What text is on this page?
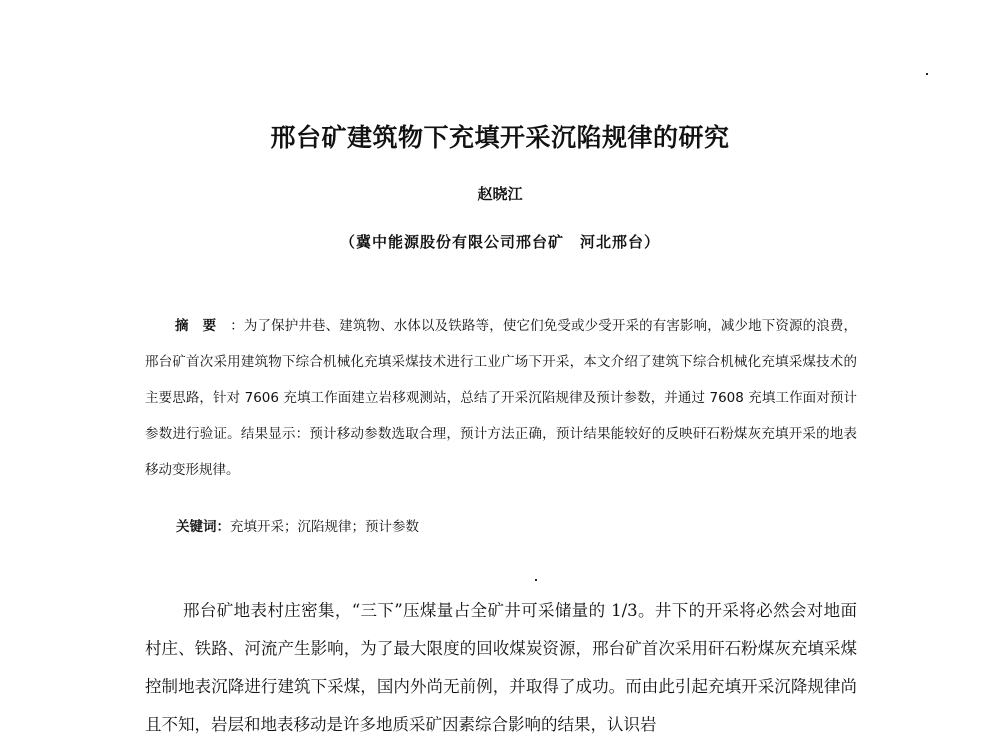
邢台矿建筑物下充填开采沉陷规律的研究
赵晓江
（冀中能源股份有限公司邢台矿　河北邢台）
摘要：为了保护井巷、建筑物、水体以及铁路等，使它们免受或少受开采的有害影响，减少地下资源的浪费，邢台矿首次采用建筑物下综合机械化充填采煤技术进行工业广场下开采，本文介绍了建筑下综合机械化充填采煤技术的主要思路，针对 7606 充填工作面建立岩移观测站，总结了开采沉陷规律及预计参数，并通过 7608 充填工作面对预计参数进行验证。结果显示：预计移动参数选取合理，预计方法正确，预计结果能较好的反映矸石粉煤灰充填开采的地表移动变形规律。
关键词：充填开采；沉陷规律；预计参数
邢台矿地表村庄密集，“三下”压煤量占全矿井可采储量的 1/3。井下的开采将必然会对地面村庄、铁路、河流产生影响，为了最大限度的回收煤炭资源，邢台矿首次采用矸石粉煤灰充填采煤控制地表沉降进行建筑下采煤，国内外尚无前例，并取得了成功。而由此引起充填开采沉降规律尚且不知，岩层和地表移动是许多地质采矿因素综合影响的结果，认识岩
